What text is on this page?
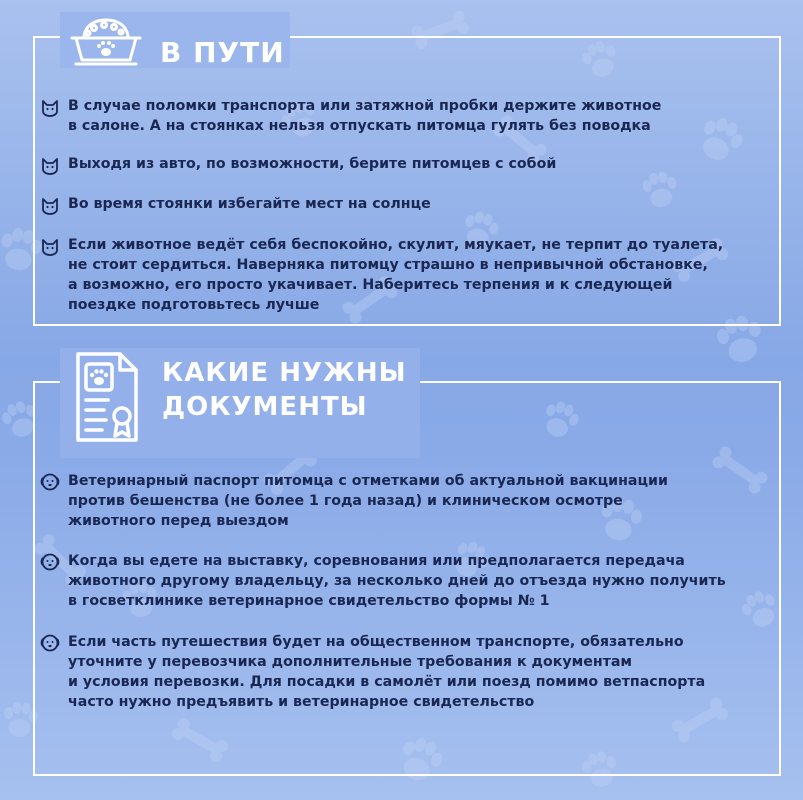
В ПУТИ
В случае поломки транспорта или затяжной пробки держите животное
в салоне. А на стоянках нельзя отпускать питомца гулять без поводка
Выходя из авто, по возможности, берите питомцев с собой
Во время стоянки избегайте мест на солнце
Если животное ведёт себя беспокойно, скулит, мяукает, не терпит до туалета,
не стоит сердиться. Наверняка питомцу страшно в непривычной обстановке,
а возможно, его просто укачивает. Наберитесь терпения и к следующей
поездке подготовьтесь лучше
КАКИЕ НУЖНЫ
ДОКУМЕНТЫ
Ветеринарный паспорт питомца с отметками об актуальной вакцинации
против бешенства (не более 1 года назад) и клиническом осмотре
животного перед выездом
Когда вы едете на выставку, соревнования или предполагается передача
животного другому владельцу, за несколько дней до отъезда нужно получить
в госветклинике ветеринарное свидетельство формы № 1
Если часть путешествия будет на общественном транспорте, обязательно
уточните у перевозчика дополнительные требования к документам
и условия перевозки. Для посадки в самолёт или поезд помимо ветпаспорта
часто нужно предъявить и ветеринарное свидетельство
